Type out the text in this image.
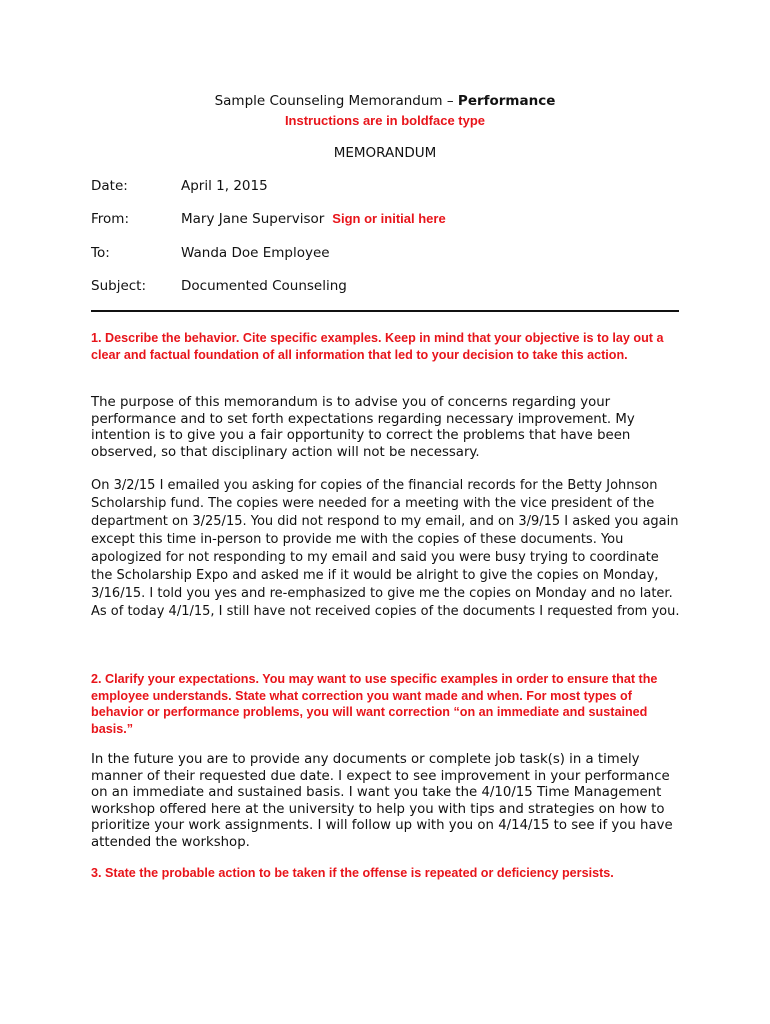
Sample Counseling Memorandum – Performance
Instructions are in boldface type
MEMORANDUM
Date:	April 1, 2015
From:	Mary Jane Supervisor Sign or initial here
To:	Wanda Doe Employee
Subject:	Documented Counseling
1. Describe the behavior. Cite specific examples. Keep in mind that your objective is to lay out a clear and factual foundation of all information that led to your decision to take this action.
The purpose of this memorandum is to advise you of concerns regarding your performance and to set forth expectations regarding necessary improvement. My intention is to give you a fair opportunity to correct the problems that have been observed, so that disciplinary action will not be necessary.
On 3/2/15 I emailed you asking for copies of the financial records for the Betty Johnson Scholarship fund. The copies were needed for a meeting with the vice president of the department on 3/25/15. You did not respond to my email, and on 3/9/15 I asked you again except this time in-person to provide me with the copies of these documents. You apologized for not responding to my email and said you were busy trying to coordinate the Scholarship Expo and asked me if it would be alright to give the copies on Monday, 3/16/15. I told you yes and re-emphasized to give me the copies on Monday and no later. As of today 4/1/15, I still have not received copies of the documents I requested from you.
2. Clarify your expectations. You may want to use specific examples in order to ensure that the employee understands. State what correction you want made and when. For most types of behavior or performance problems, you will want correction “on an immediate and sustained basis.”
In the future you are to provide any documents or complete job task(s) in a timely manner of their requested due date. I expect to see improvement in your performance on an immediate and sustained basis. I want you take the 4/10/15 Time Management workshop offered here at the university to help you with tips and strategies on how to prioritize your work assignments. I will follow up with you on 4/14/15 to see if you have attended the workshop.
3. State the probable action to be taken if the offense is repeated or deficiency persists.
